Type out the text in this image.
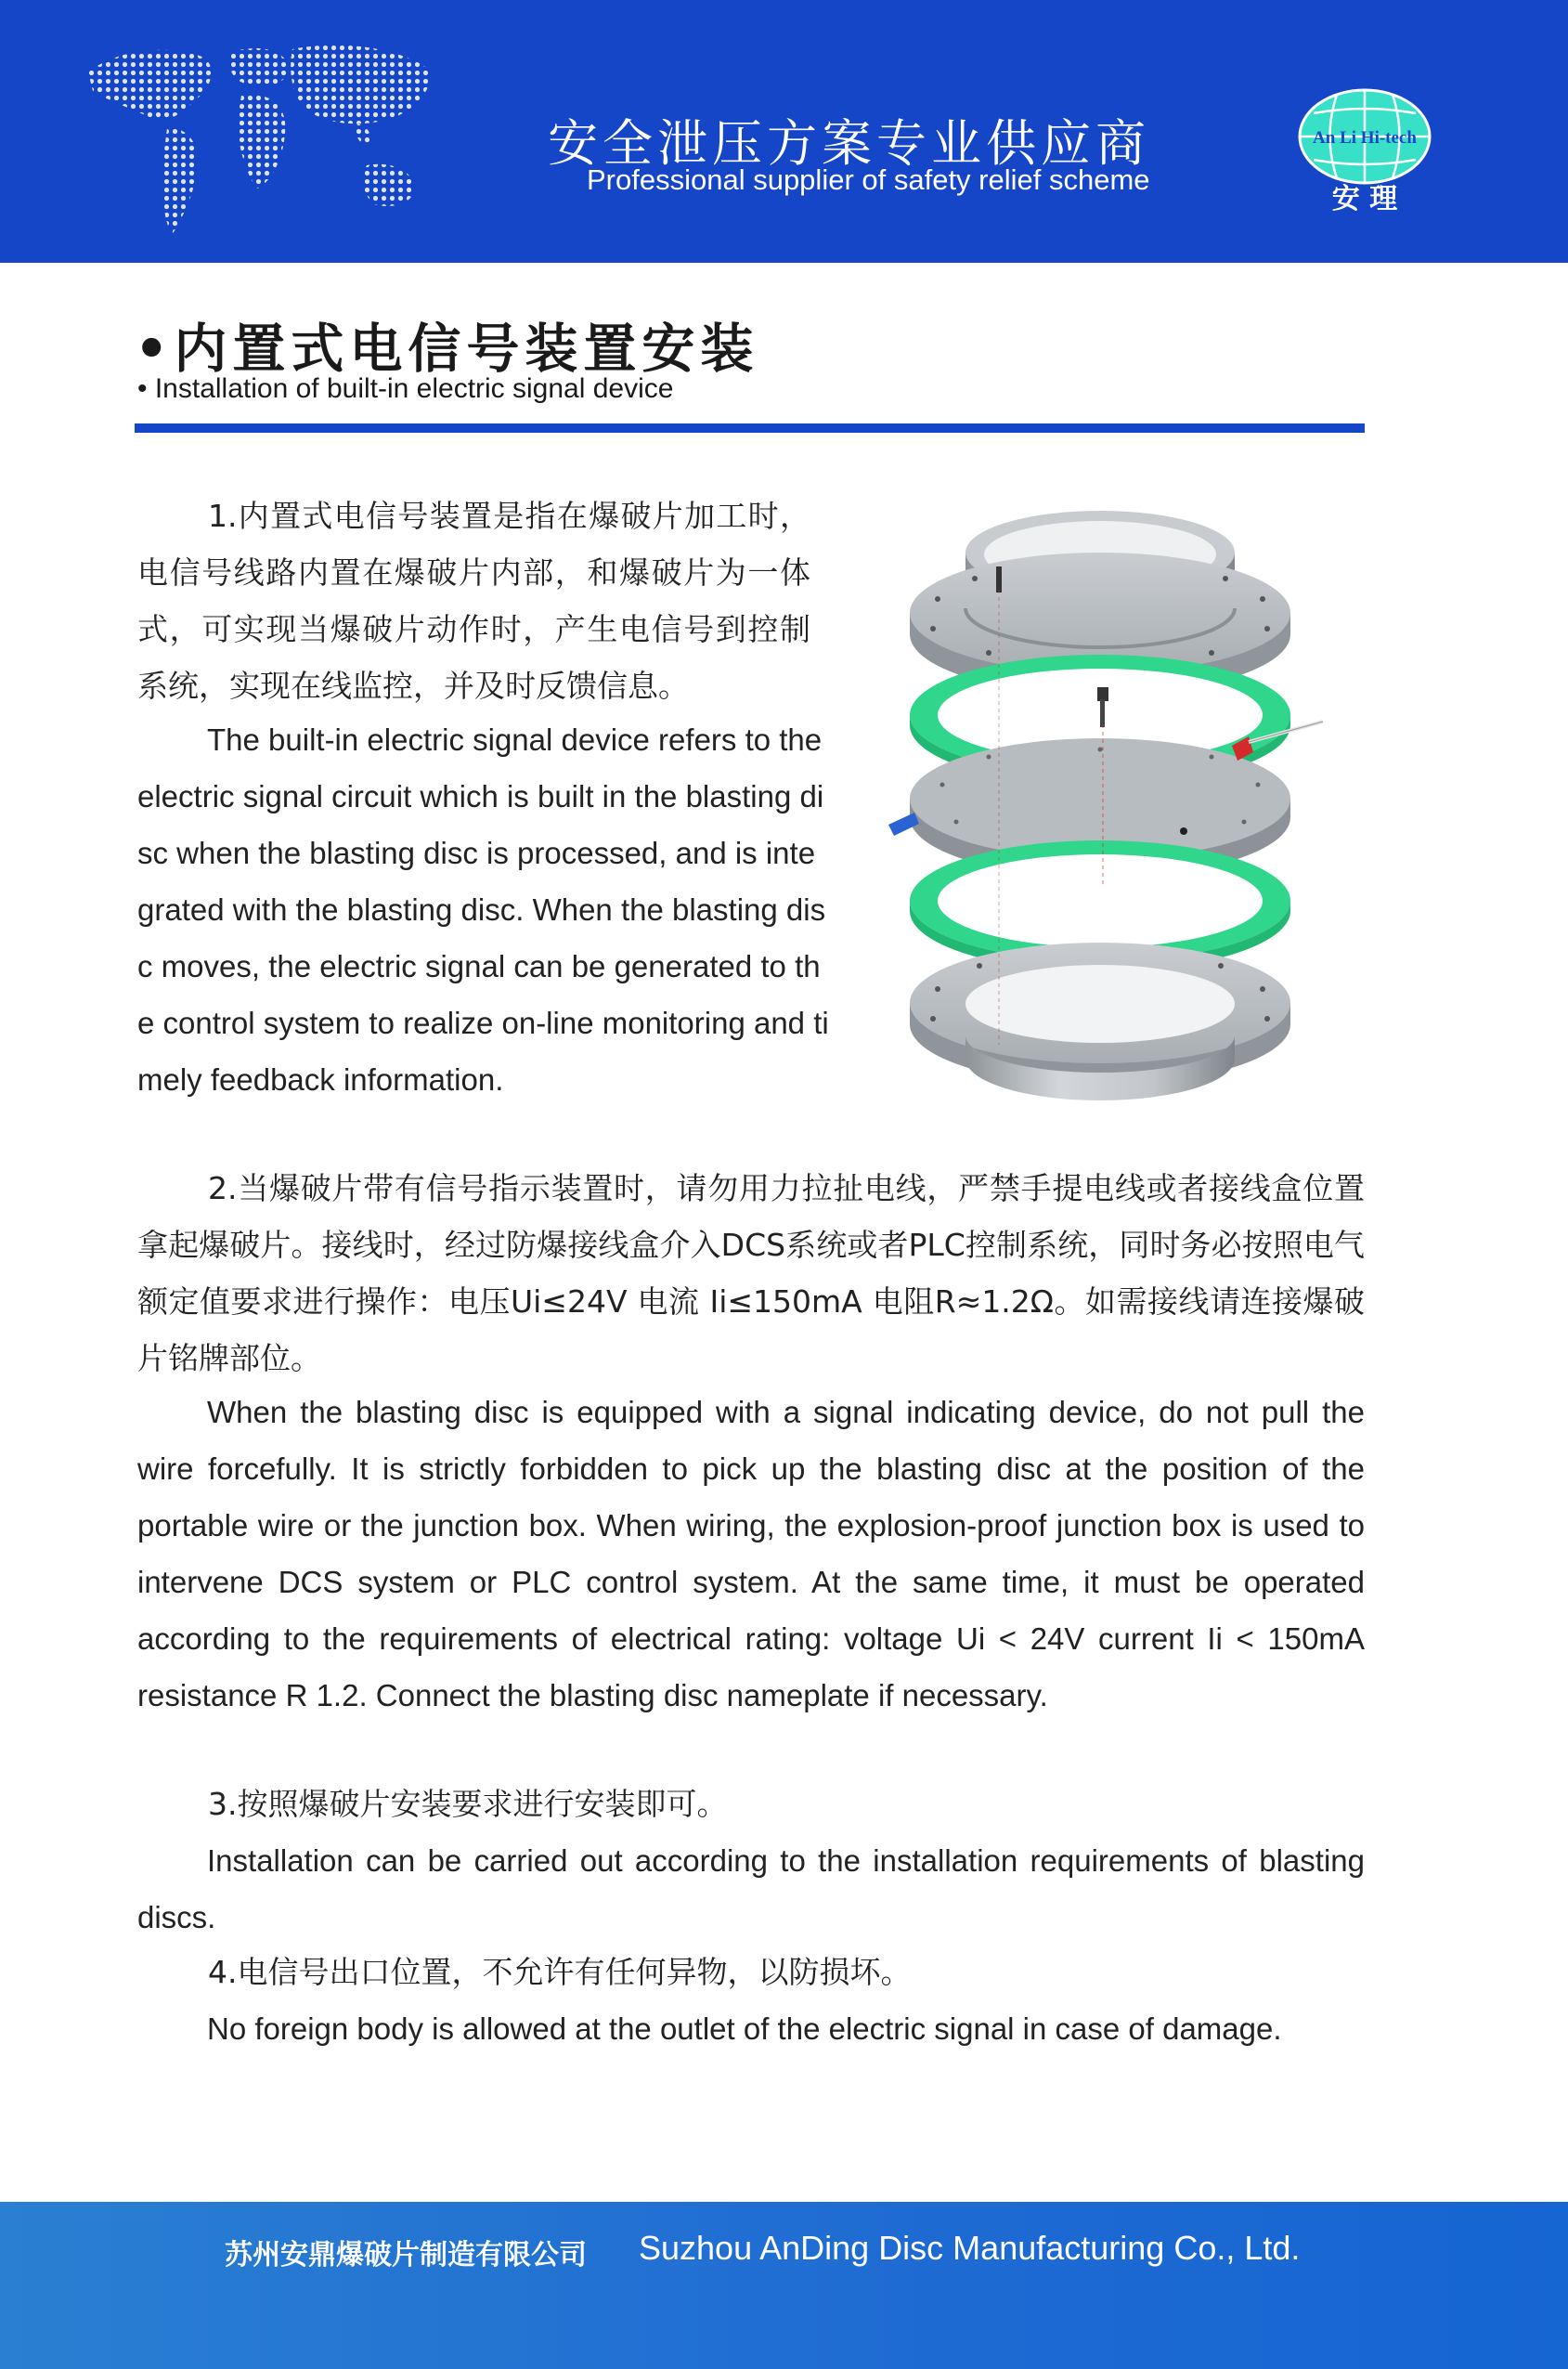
安全泄压方案专业供应商
Professional supplier of safety relief scheme
An Li Hi-tech
安 理
•内置式电信号装置安装
• Installation of built-in electric signal device

1.内置式电信号装置是指在爆破片加工时，电信号线路内置在爆破片内部，和爆破片为一体式，可实现当爆破片动作时，产生电信号到控制系统，实现在线监控，并及时反馈信息。

The built-in electric signal device refers to the electric signal circuit which is built in the blasting disc when the blasting disc is processed, and is integrated with the blasting disc. When the blasting disc moves, the electric signal can be generated to the control system to realize on-line monitoring and timely feedback information.

2.当爆破片带有信号指示装置时，请勿用力拉扯电线，严禁手提电线或者接线盒位置拿起爆破片。接线时，经过防爆接线盒介入DCS系统或者PLC控制系统，同时务必按照电气额定值要求进行操作：电压Ui≤24V 电流 Ii≤150mA 电阻R≈1.2Ω。如需接线请连接爆破片铭牌部位。

When the blasting disc is equipped with a signal indicating device, do not pull the wire forcefully. It is strictly forbidden to pick up the blasting disc at the position of the portable wire or the junction box. When wiring, the explosion-proof junction box is used to intervene DCS system or PLC control system. At the same time, it must be operated according to the requirements of electrical rating: voltage Ui < 24V current Ii < 150mA resistance R 1.2. Connect the blasting disc nameplate if necessary.

3.按照爆破片安装要求进行安装即可。

Installation can be carried out according to the installation requirements of blasting discs.

4.电信号出口位置，不允许有任何异物，以防损坏。

No foreign body is allowed at the outlet of the electric signal in case of damage.

苏州安鼎爆破片制造有限公司 Suzhou AnDing Disc Manufacturing Co., Ltd.
